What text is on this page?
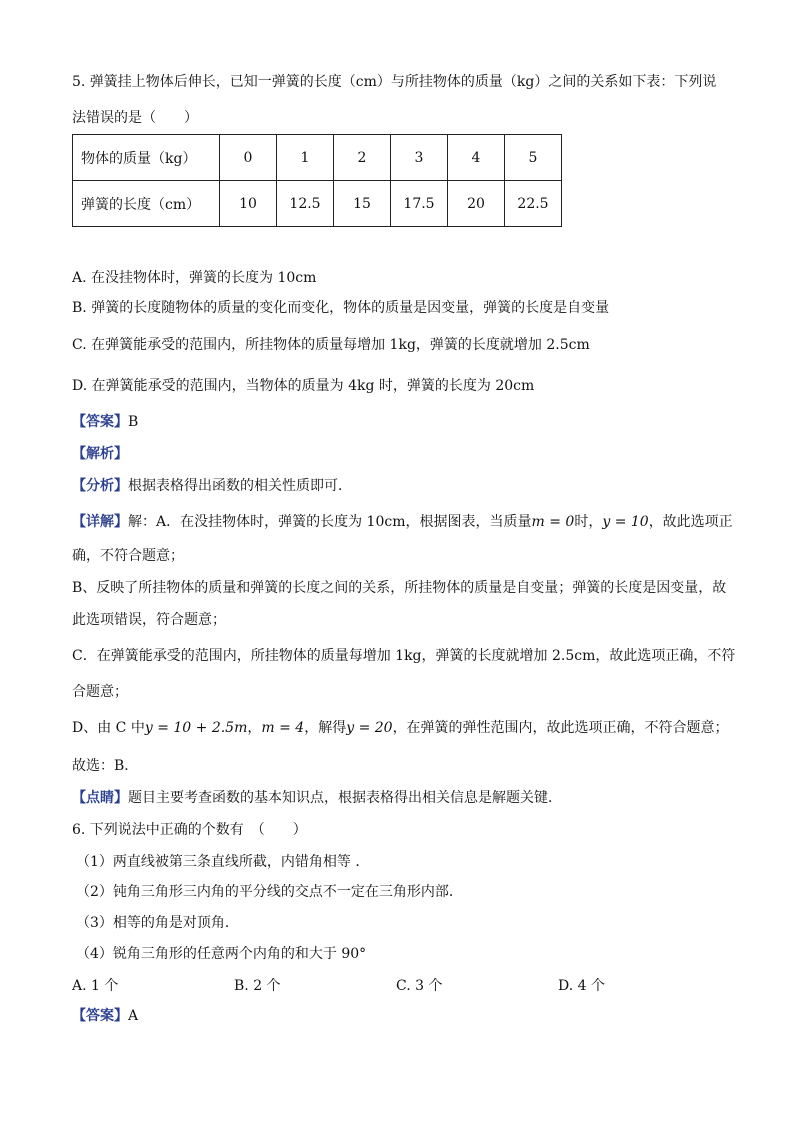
5. 弹簧挂上物体后伸长，已知一弹簧的长度（cm）与所挂物体的质量（kg）之间的关系如下表：下列说
法错误的是（　　）
物体的质量（kg）	0	1	2	3	4	5
弹簧的长度（cm）	10	12.5	15	17.5	20	22.5
A. 在没挂物体时，弹簧的长度为 10cm
B. 弹簧的长度随物体的质量的变化而变化，物体的质量是因变量，弹簧的长度是自变量
C. 在弹簧能承受的范围内，所挂物体的质量每增加 1kg，弹簧的长度就增加 2.5cm
D. 在弹簧能承受的范围内，当物体的质量为 4kg 时，弹簧的长度为 20cm
【答案】B
【解析】
【分析】根据表格得出函数的相关性质即可．
【详解】解：A．在没挂物体时，弹簧的长度为 10cm，根据图表，当质量m = 0时，y = 10，故此选项正
确，不符合题意；
B、反映了所挂物体的质量和弹簧的长度之间的关系，所挂物体的质量是自变量；弹簧的长度是因变量，故
此选项错误，符合题意；
C．在弹簧能承受的范围内，所挂物体的质量每增加 1kg，弹簧的长度就增加 2.5cm，故此选项正确，不符
合题意；
D、由 C 中y = 10 + 2.5m，m = 4，解得y = 20，在弹簧的弹性范围内，故此选项正确，不符合题意；
故选：B．
【点睛】题目主要考查函数的基本知识点，根据表格得出相关信息是解题关键．
6. 下列说法中正确的个数有　（　　）
（1）两直线被第三条直线所截，内错角相等 ．
（2）钝角三角形三内角的平分线的交点不一定在三角形内部．
（3）相等的角是对顶角．
（4）锐角三角形的任意两个内角的和大于 90°
A. 1 个	B. 2 个	C. 3 个	D. 4 个
【答案】A
